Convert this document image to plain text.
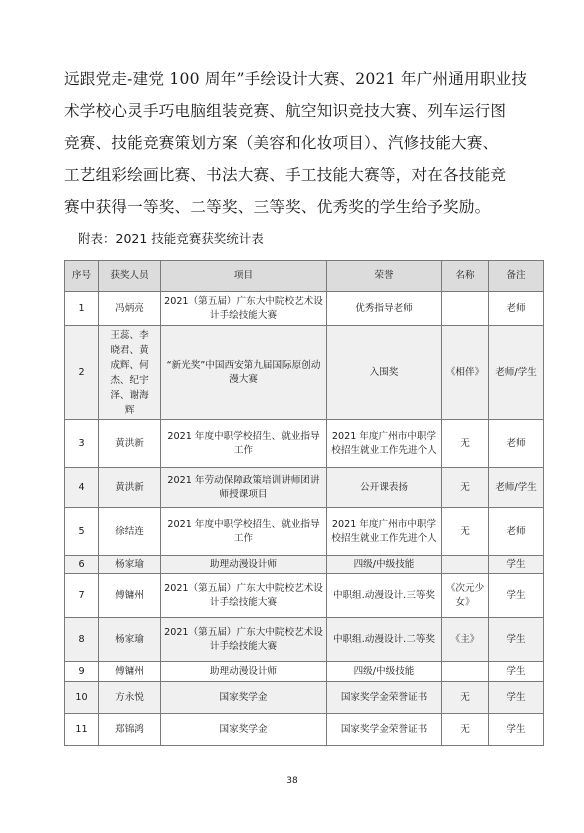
远跟党走-建党 100 周年”手绘设计大赛、2021 年广州通用职业技
术学校心灵手巧电脑组装竞赛、航空知识竞技大赛、列车运行图
竞赛、技能竞赛策划方案（美容和化妆项目）、汽修技能大赛、
工艺组彩绘画比赛、书法大赛、手工技能大赛等，对在各技能竞
赛中获得一等奖、二等奖、三等奖、优秀奖的学生给予奖励。
附表：2021 技能竞赛获奖统计表
序号	获奖人员	项目	荣誉	名称	备注
1	冯炳亮	2021（第五届）广东大中院校艺术设计手绘技能大赛	优秀指导老师		老师
2	王蕊、李晓君、黄成辉、何杰、纪宇泽、谢海辉	“新光奖”中国西安第九届国际原创动漫大赛	入围奖	《相伴》	老师/学生
3	黄洪新	2021 年度中职学校招生、就业指导工作	2021 年度广州市中职学校招生就业工作先进个人	无	老师
4	黄洪新	2021 年劳动保障政策培训讲师团讲师授课项目	公开课表扬	无	老师/学生
5	徐结连	2021 年度中职学校招生、就业指导工作	2021 年度广州市中职学校招生就业工作先进个人	无	老师
6	杨家瑜	助理动漫设计师	四级/中级技能		学生
7	傅镛州	2021（第五届）广东大中院校艺术设计手绘技能大赛	中职组.动漫设计.三等奖	《次元少女》	学生
8	杨家瑜	2021（第五届）广东大中院校艺术设计手绘技能大赛	中职组.动漫设计.二等奖	《主》	学生
9	傅镛州	助理动漫设计师	四级/中级技能		学生
10	方永悦	国家奖学金	国家奖学金荣誉证书	无	学生
11	郑锦鸿	国家奖学金	国家奖学金荣誉证书	无	学生
38
